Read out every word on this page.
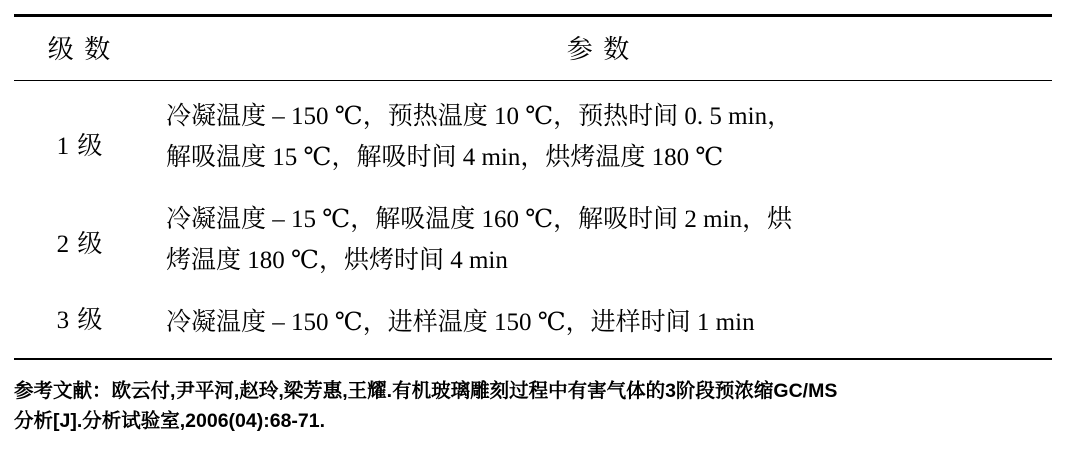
级 数	参 数
1 级	冷凝温度 – 150 ℃，预热温度 10 ℃，预热时间 0. 5 min，
解吸温度 15 ℃，解吸时间 4 min，烘烤温度 180 ℃

2 级	冷凝温度 – 15 ℃，解吸温度 160 ℃，解吸时间 2 min，烘
烤温度 180 ℃，烘烤时间 4 min

3 级	冷凝温度 – 150 ℃，进样温度 150 ℃，进样时间 1 min
参考文献：欧云付,尹平河,赵玲,梁芳惠,王耀.有机玻璃雕刻过程中有害气体的3阶段预浓缩GC/MS
分析[J].分析试验室,2006(04):68-71.
